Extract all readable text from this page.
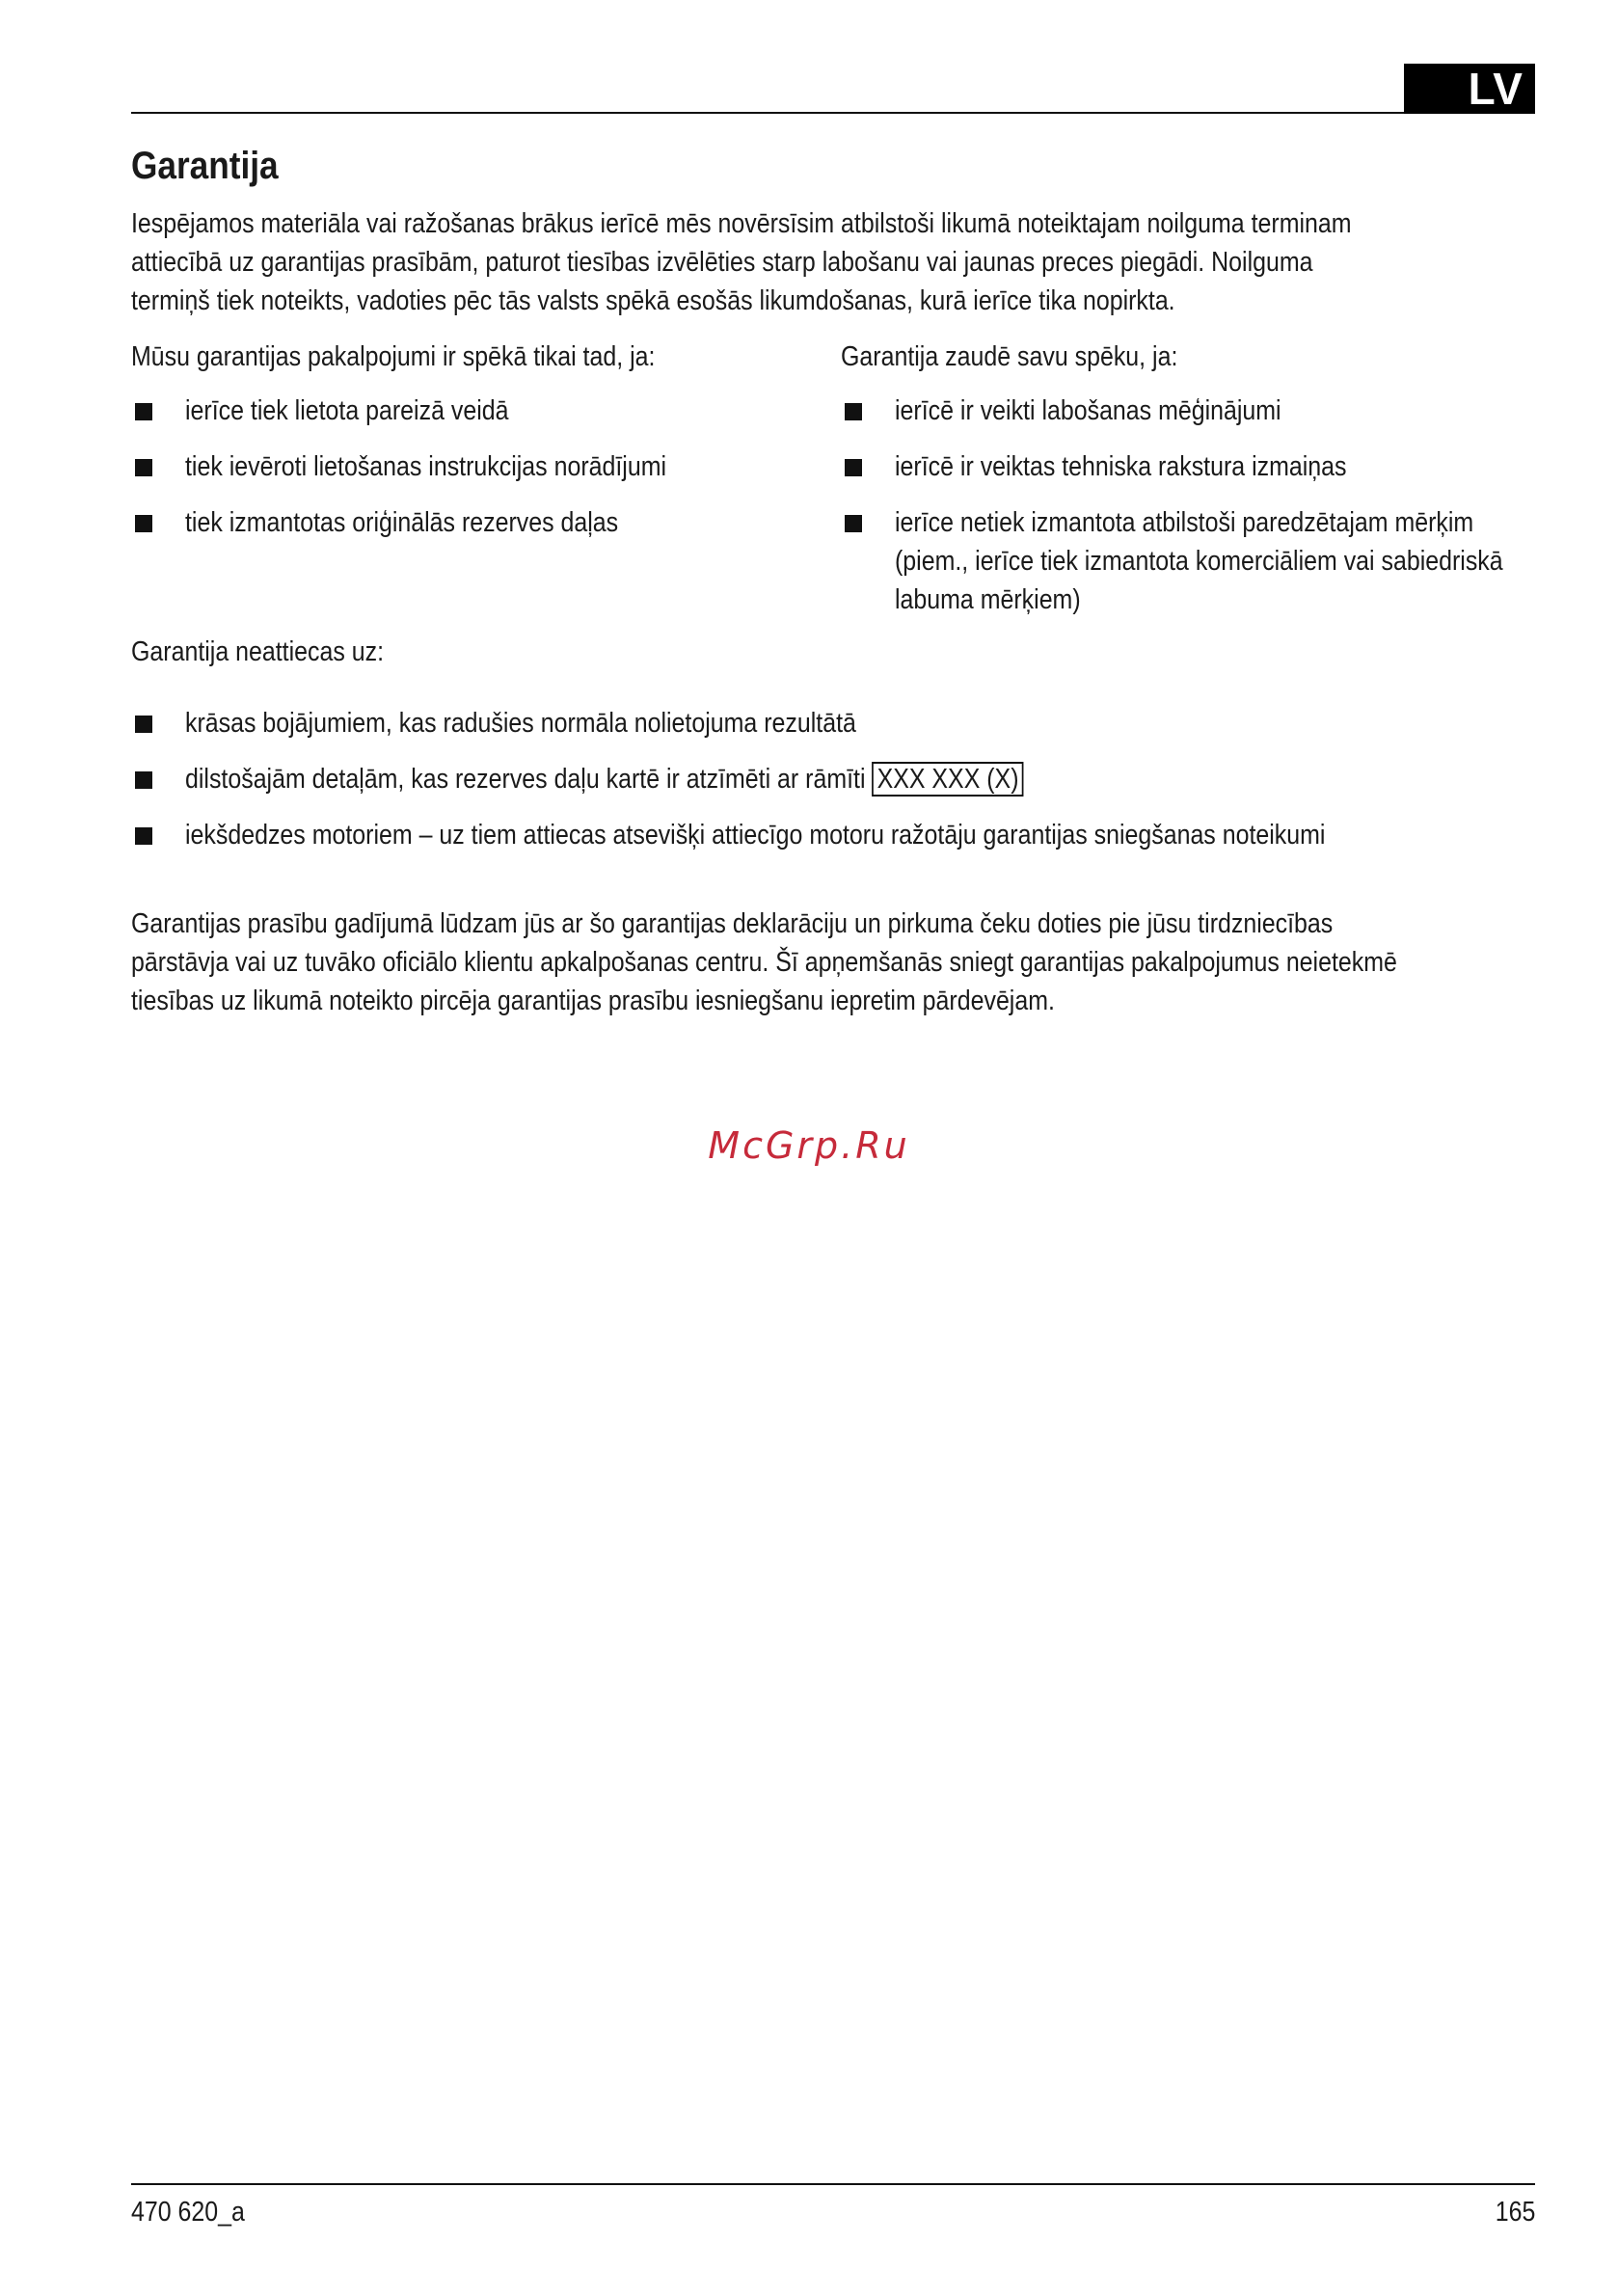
LV
Garantija
Iespējamos materiāla vai ražošanas brākus ierīcē mēs novērsīsim atbilstoši likumā noteiktajam noilguma terminam
attiecībā uz garantijas prasībām, paturot tiesības izvēlēties starp labošanu vai jaunas preces piegādi. Noilguma
termiņš tiek noteikts, vadoties pēc tās valsts spēkā esošās likumdošanas, kurā ierīce tika nopirkta.

Mūsu garantijas pakalpojumi ir spēkā tikai tad, ja:

ierīce tiek lietota pareizā veidā
tiek ievēroti lietošanas instrukcijas norādījumi
tiek izmantotas oriģinālās rezerves daļas

Garantija zaudē savu spēku, ja:

ierīcē ir veikti labošanas mēģinājumi
ierīcē ir veiktas tehniska rakstura izmaiņas
ierīce netiek izmantota atbilstoši paredzētajam mērķim (piem., ierīce tiek izmantota komerciāliem vai sabiedriskā labuma mērķiem)

Garantija neattiecas uz:

krāsas bojājumiem, kas radušies normāla nolietojuma rezultātā
dilstošajām detaļām, kas rezerves daļu kartē ir atzīmēti ar rāmīti XXX XXX (X)
iekšdedzes motoriem – uz tiem attiecas atsevišķi attiecīgo motoru ražotāju garantijas sniegšanas noteikumi
Garantijas prasību gadījumā lūdzam jūs ar šo garantijas deklarāciju un pirkuma čeku doties pie jūsu tirdzniecības
pārstāvja vai uz tuvāko oficiālo klientu apkalpošanas centru. Šī apņemšanās sniegt garantijas pakalpojumus neietekmē
tiesības uz likumā noteikto pircēja garantijas prasību iesniegšanu iepretim pārdevējam.
McGrp.Ru
470 620_a	165
